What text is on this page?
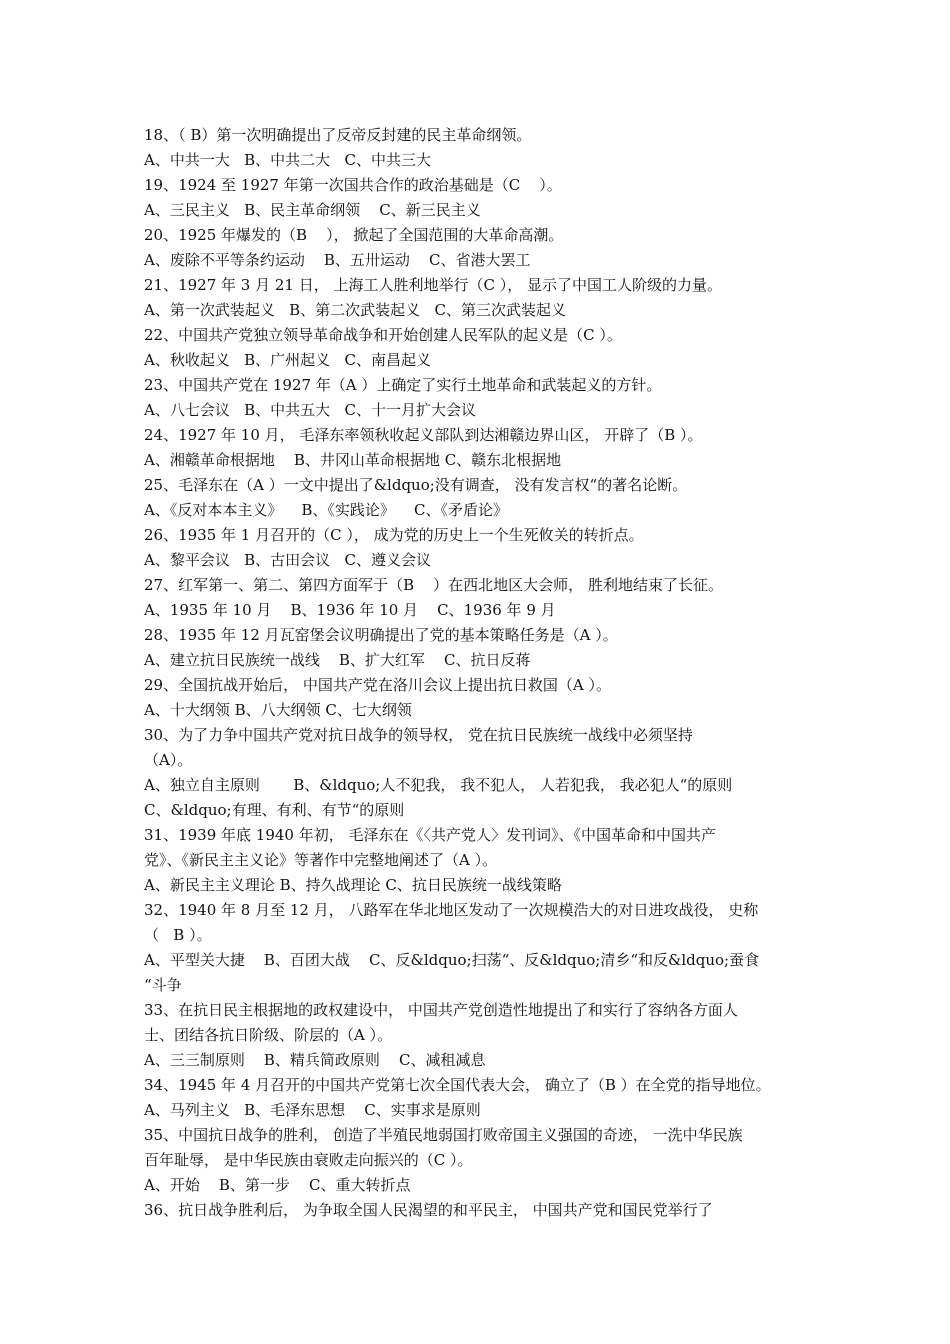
18、（ B）第一次明确提出了反帝反封建的民主革命纲领。
A、中共一大   B、中共二大   C、中共三大
19、1924 至 1927 年第一次国共合作的政治基础是（C    ）。
A、三民主义   B、民主革命纲领    C、新三民主义
20、1925 年爆发的（B    ）， 掀起了全国范围的大革命高潮。
A、废除不平等条约运动    B、五卅运动    C、省港大罢工
21、1927 年 3 月 21 日， 上海工人胜利地举行（C ）， 显示了中国工人阶级的力量。
A、第一次武装起义   B、第二次武装起义   C、第三次武装起义
22、中国共产党独立领导革命战争和开始创建人民军队的起义是（C ）。
A、秋收起义   B、广州起义   C、南昌起义
23、中国共产党在 1927 年（A ）上确定了实行土地革命和武装起义的方针。
A、八七会议   B、中共五大   C、十一月扩大会议
24、1927 年 10 月， 毛泽东率领秋收起义部队到达湘赣边界山区， 开辟了（B ）。
A、湘赣革命根据地    B、井冈山革命根据地 C、赣东北根据地
25、毛泽东在（A ）一文中提出了&ldquo;没有调查， 没有发言权“的著名论断。
A、《反对本本主义》    B、《实践论》    C、《矛盾论》
26、1935 年 1 月召开的（C ）， 成为党的历史上一个生死攸关的转折点。
A、黎平会议   B、古田会议   C、遵义会议
27、红军第一、第二、第四方面军于（B    ）在西北地区大会师， 胜利地结束了长征。
A、1935 年 10 月    B、1936 年 10 月    C、1936 年 9 月
28、1935 年 12 月瓦窑堡会议明确提出了党的基本策略任务是（A ）。
A、建立抗日民族统一战线    B、扩大红军    C、抗日反蒋
29、全国抗战开始后， 中国共产党在洛川会议上提出抗日救国（A ）。
A、十大纲领 B、八大纲领 C、七大纲领
30、为了力争中国共产党对抗日战争的领导权， 党在抗日民族统一战线中必须坚持
（A）。
A、独立自主原则       B、&ldquo;人不犯我， 我不犯人， 人若犯我， 我必犯人“的原则
C、&ldquo;有理、有利、有节“的原则
31、1939 年底 1940 年初， 毛泽东在《〈共产党人〉发刊词》、《中国革命和中国共产
党》、《新民主主义论》等著作中完整地阐述了（A ）。
A、新民主主义理论 B、持久战理论 C、抗日民族统一战线策略
32、1940 年 8 月至 12 月， 八路军在华北地区发动了一次规模浩大的对日进攻战役， 史称
（   B ）。
A、平型关大捷    B、百团大战    C、反&ldquo;扫荡“、反&ldquo;清乡“和反&ldquo;蚕食
“斗争
33、在抗日民主根据地的政权建设中， 中国共产党创造性地提出了和实行了容纳各方面人
士、团结各抗日阶级、阶层的（A ）。
A、三三制原则    B、精兵简政原则    C、减租减息
34、1945 年 4 月召开的中国共产党第七次全国代表大会， 确立了（B ）在全党的指导地位。
A、马列主义   B、毛泽东思想    C、实事求是原则
35、中国抗日战争的胜利， 创造了半殖民地弱国打败帝国主义强国的奇迹， 一洗中华民族
百年耻辱， 是中华民族由衰败走向振兴的（C ）。
A、开始    B、第一步    C、重大转折点
36、抗日战争胜利后， 为争取全国人民渴望的和平民主， 中国共产党和国民党举行了
